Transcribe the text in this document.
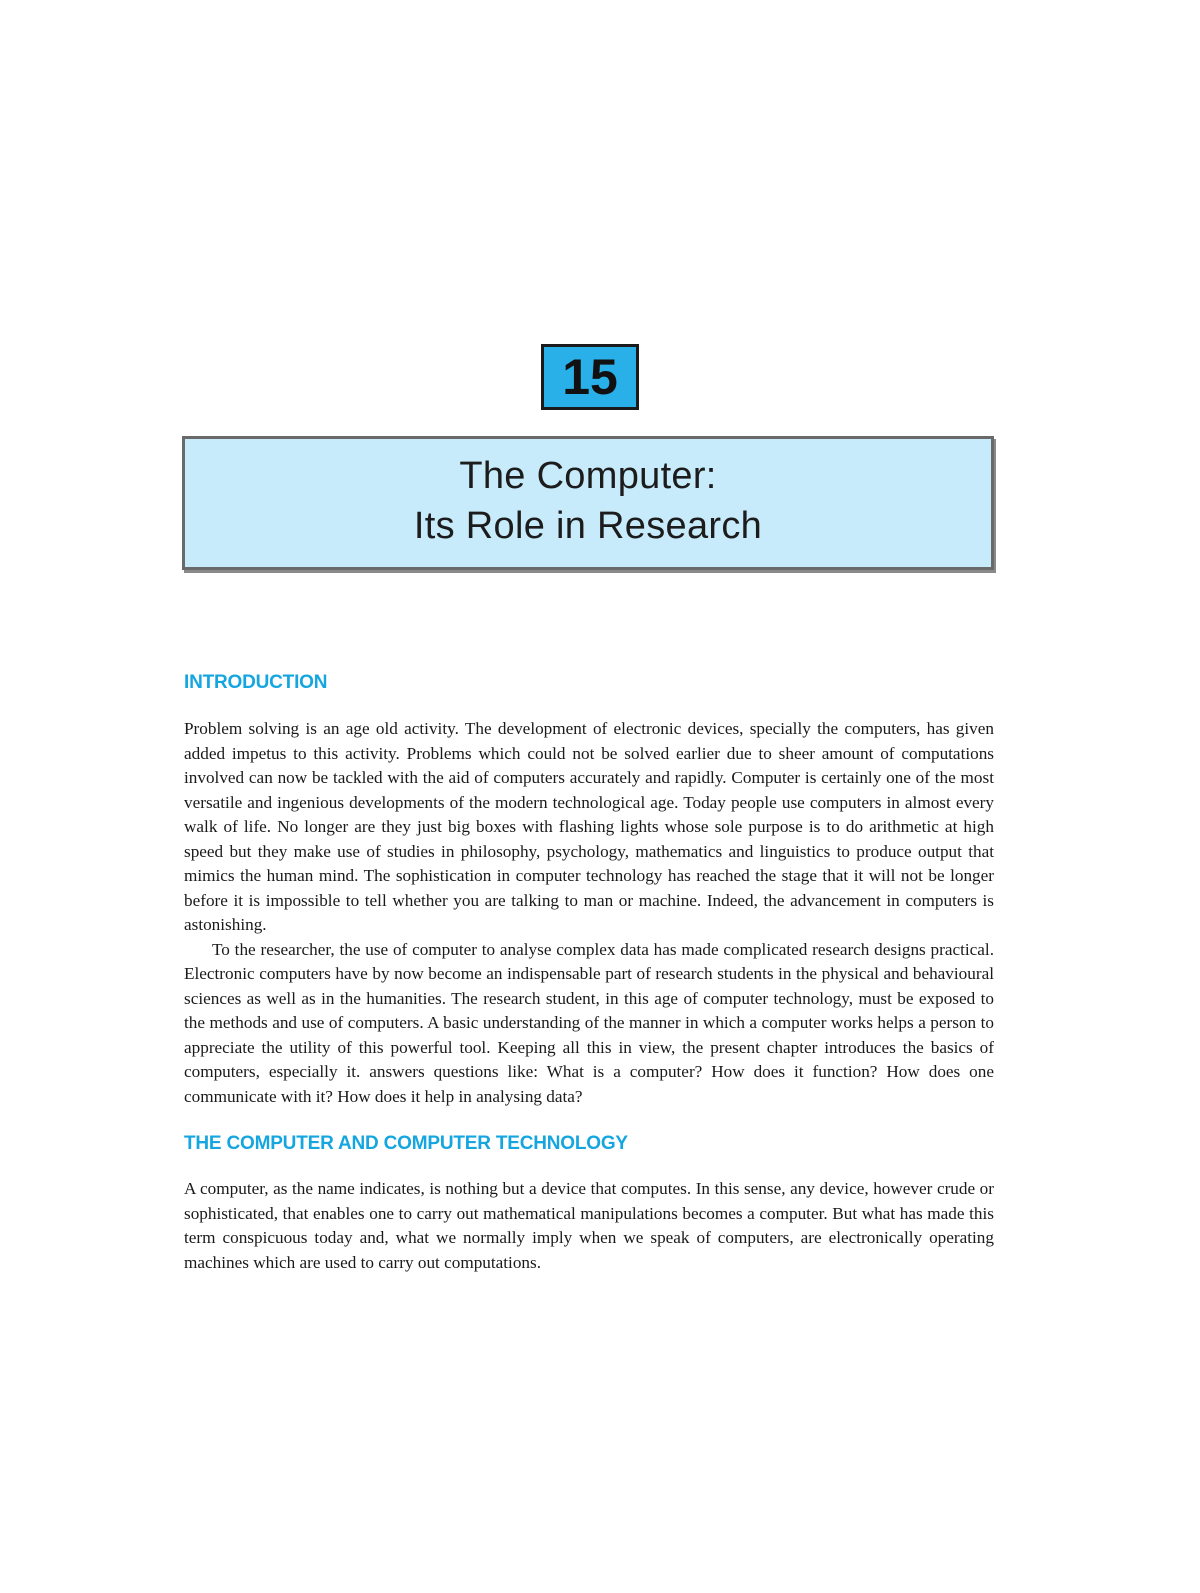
15
The Computer:
Its Role in Research
INTRODUCTION

Problem solving is an age old activity. The development of electronic devices, specially the computers, has given added impetus to this activity. Problems which could not be solved earlier due to sheer amount of computations involved can now be tackled with the aid of computers accurately and rapidly. Computer is certainly one of the most versatile and ingenious developments of the modern technological age. Today people use computers in almost every walk of life. No longer are they just big boxes with flashing lights whose sole purpose is to do arithmetic at high speed but they make use of studies in philosophy, psychology, mathematics and linguistics to produce output that mimics the human mind. The sophistication in computer technology has reached the stage that it will not be longer before it is impossible to tell whether you are talking to man or machine. Indeed, the advancement in computers is astonishing.

To the researcher, the use of computer to analyse complex data has made complicated research designs practical. Electronic computers have by now become an indispensable part of research students in the physical and behavioural sciences as well as in the humanities. The research student, in this age of computer technology, must be exposed to the methods and use of computers. A basic understanding of the manner in which a computer works helps a person to appreciate the utility of this powerful tool. Keeping all this in view, the present chapter introduces the basics of computers, especially it. answers questions like: What is a computer? How does it function? How does one communicate with it? How does it help in analysing data?

THE COMPUTER AND COMPUTER TECHNOLOGY

A computer, as the name indicates, is nothing but a device that computes. In this sense, any device, however crude or sophisticated, that enables one to carry out mathematical manipulations becomes a computer. But what has made this term conspicuous today and, what we normally imply when we speak of computers, are electronically operating machines which are used to carry out computations.
